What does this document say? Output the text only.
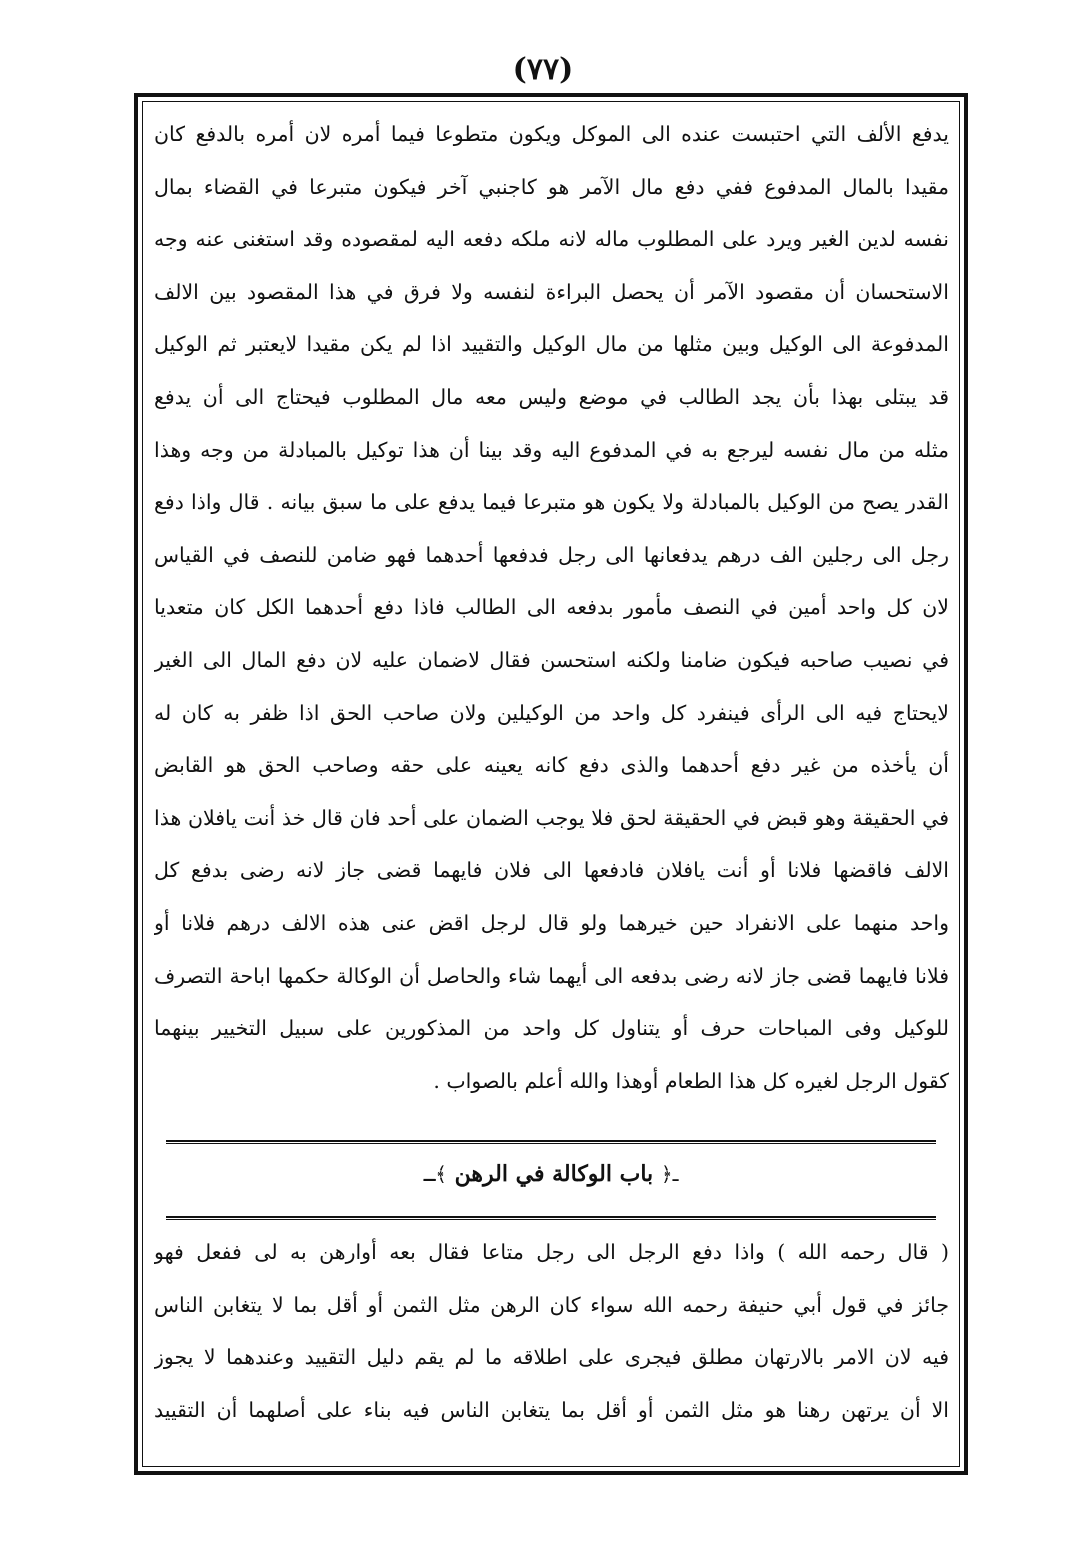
(٧٧)
يدفع الألف التي احتبست عنده الى الموكل ويكون متطوعا فيما أمره لان أمره بالدفع كان
مقيدا بالمال المدفوع ففي دفع مال الآمر هو كاجنبي آخر فيكون متبرعا في القضاء بمال
نفسه لدين الغير ويرد على المطلوب ماله لانه ملكه دفعه اليه لمقصوده وقد استغنى عنه وجه
الاستحسان أن مقصود الآمر أن يحصل البراءة لنفسه ولا فرق في هذا المقصود بين الالف
المدفوعة الى الوكيل وبين مثلها من مال الوكيل والتقييد اذا لم يكن مقيدا لايعتبر ثم الوكيل
قد يبتلى بهذا بأن يجد الطالب في موضع وليس معه مال المطلوب فيحتاج الى أن يدفع
مثله من مال نفسه ليرجع به في المدفوع اليه وقد بينا أن هذا توكيل بالمبادلة من وجه وهذا
القدر يصح من الوكيل بالمبادلة ولا يكون هو متبرعا فيما يدفع على ما سبق بيانه . قال واذا دفع
رجل الى رجلين الف درهم يدفعانها الى رجل فدفعها أحدهما فهو ضامن للنصف في القياس
لان كل واحد أمين في النصف مأمور بدفعه الى الطالب فاذا دفع أحدهما الكل كان متعديا
في نصيب صاحبه فيكون ضامنا ولكنه استحسن فقال لاضمان عليه لان دفع المال الى الغير
لايحتاج فيه الى الرأى فينفرد كل واحد من الوكيلين ولان صاحب الحق اذا ظفر به كان له
أن يأخذه من غير دفع أحدهما والذى دفع كانه يعينه على حقه وصاحب الحق هو القابض
في الحقيقة وهو قبض في الحقيقة لحق فلا يوجب الضمان على أحد فان قال خذ أنت يافلان هذا
الالف فاقضها فلانا أو أنت يافلان فادفعها الى فلان فايهما قضى جاز لانه رضى بدفع كل
واحد منهما على الانفراد حين خيرهما ولو قال لرجل اقض عنى هذه الالف درهم فلانا أو
فلانا فايهما قضى جاز لانه رضى بدفعه الى أيهما شاء والحاصل أن الوكالة حكمها اباحة التصرف
للوكيل وفى المباحات حرف أو يتناول كل واحد من المذكورين على سبيل التخيير بينهما
كقول الرجل لغيره كل هذا الطعام أوهذا والله أعلم بالصواب .
ـ﴿ باب الوكالة في الرهن ﴾ـ
( قال رحمه الله ) واذا دفع الرجل الى رجل متاعا فقال بعه أوارهن به لى ففعل فهو
جائز في قول أبي حنيفة رحمه الله سواء كان الرهن مثل الثمن أو أقل بما لا يتغابن الناس
فيه لان الامر بالارتهان مطلق فيجرى على اطلاقه ما لم يقم دليل التقييد وعندهما لا يجوز
الا أن يرتهن رهنا هو مثل الثمن أو أقل بما يتغابن الناس فيه بناء على أصلهما أن التقييد
